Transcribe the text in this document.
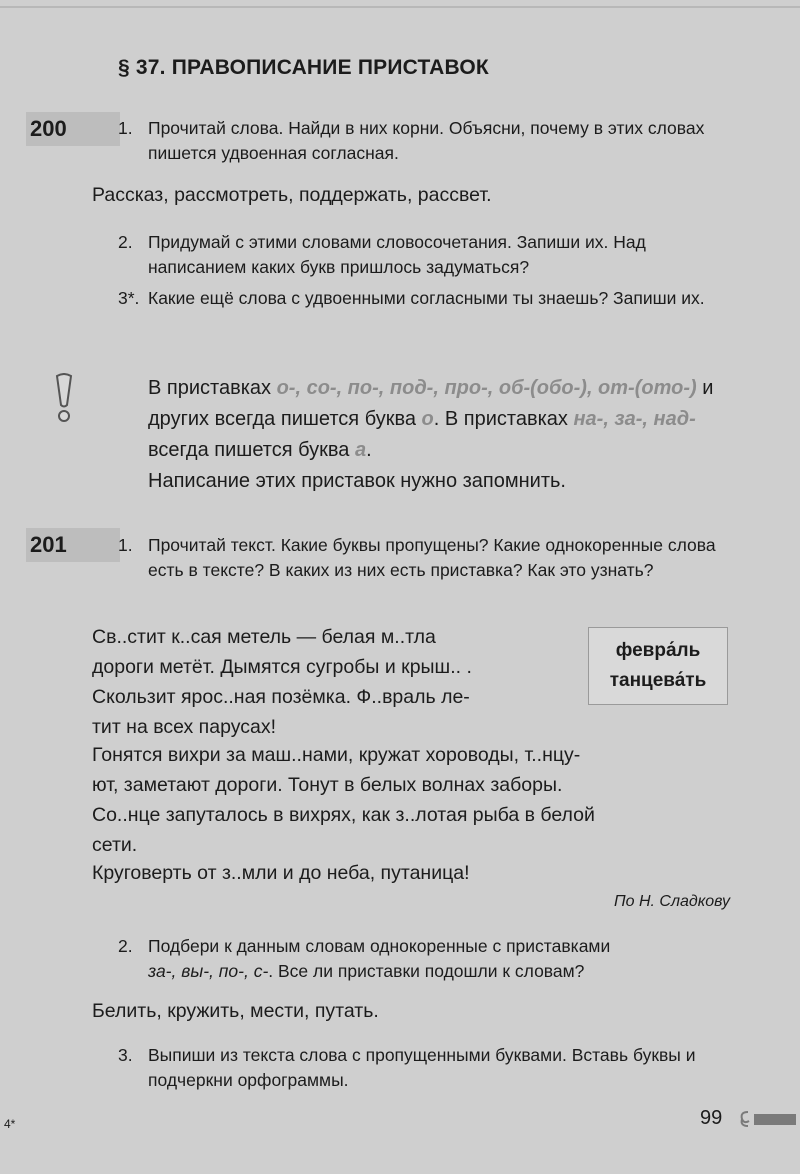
§ 37. ПРАВОПИСАНИЕ ПРИСТАВОК
200	1. Прочитай слова. Найди в них корни. Объясни, почему в этих словах пишется удвоенная согласная.

Рассказ, рассмотреть, поддержать, рассвет.

2. Придумай с этими словами словосочетания. Запиши их. Над написанием каких букв пришлось задуматься?
3*. Какие ещё слова с удвоенными согласными ты знаешь? Запиши их.
В приставках о-, со-, по-, под-, про-, об-(обо-), от-(ото-) и других всегда пишется буква о. В приставках на-, за-, над- всегда пишется буква а.
Написание этих приставок нужно запомнить.
201	1. Прочитай текст. Какие буквы пропущены? Какие однокоренные слова есть в тексте? В каких из них есть приставка? Как это узнать?
Св..стит к..сая метель — белая м..тла
дороги метёт. Дымятся сугробы и крыш.. .
Скользит ярос..ная позёмка. Ф..враль ле-
тит на всех парусах!
февра́ль
танцева́ть
Гонятся вихри за маш..нами, кружат хороводы, т..нцу-
ют, заметают дороги. Тонут в белых волнах заборы.
Со..нце запуталось в вихрях, как з..лотая рыба в белой
сети.

Круговерть от з..мли и до неба, путаница!

По Н. Сладкову

2. Подбери к данным словам однокоренные с приставками
за-, вы-, по-, с-. Все ли приставки подошли к словам?

Белить, кружить, мести, путать.

3. Выпиши из текста слова с пропущенными буквами. Вставь буквы и подчеркни орфограммы.
4*	99
